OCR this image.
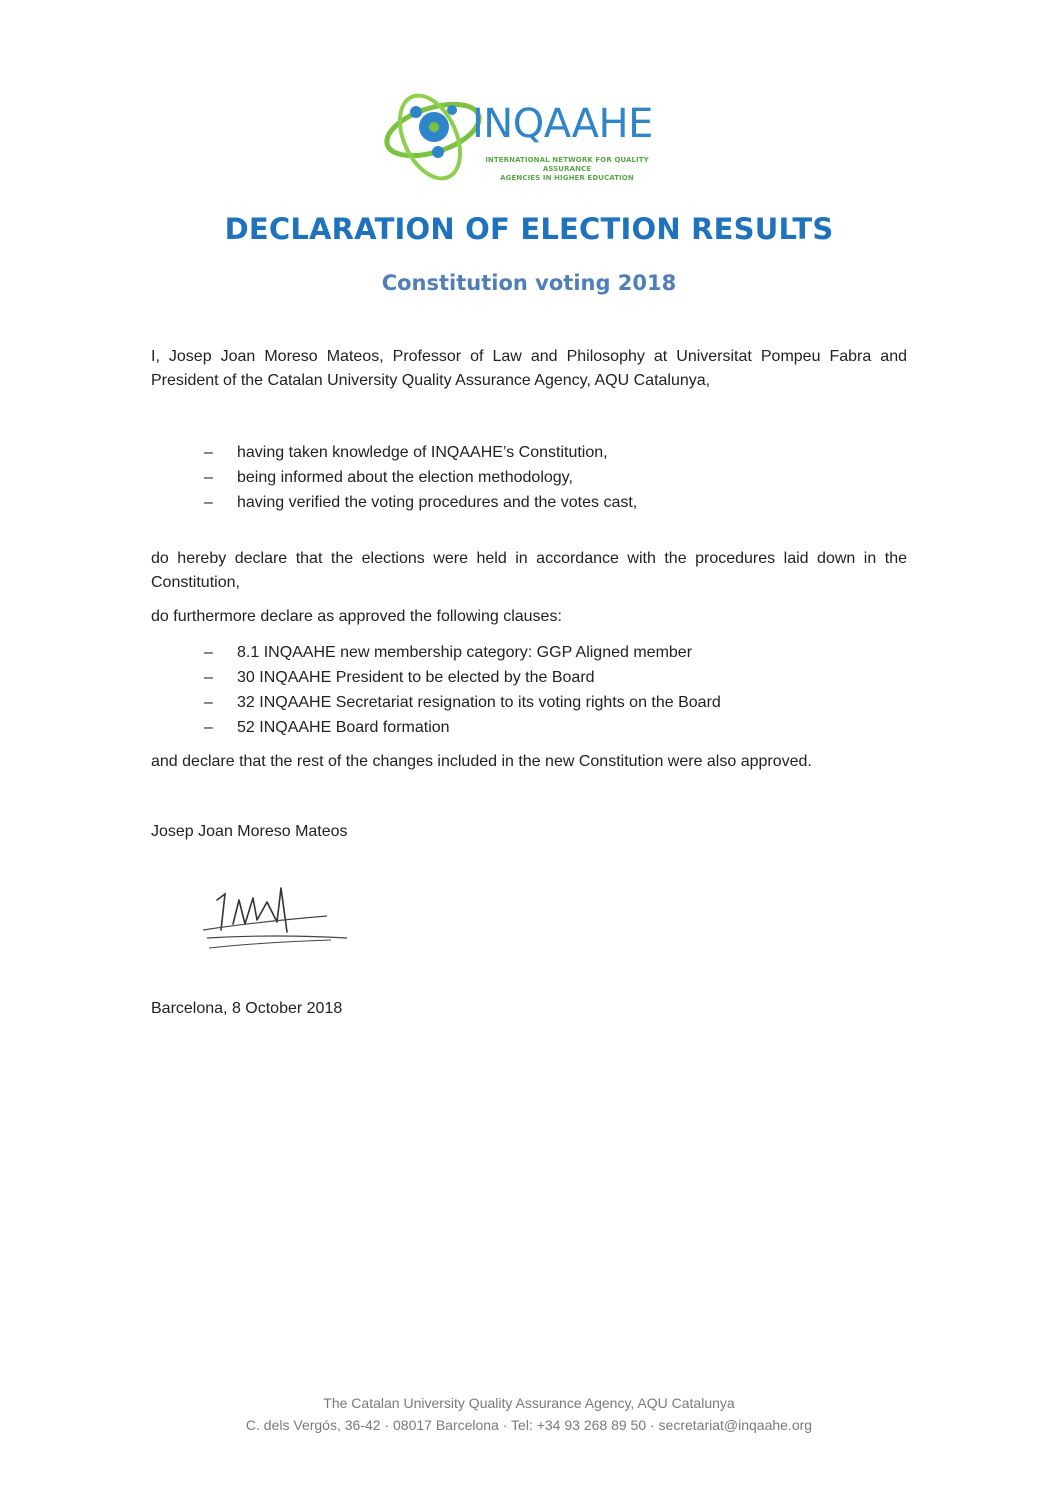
INQAAHE
INTERNATIONAL NETWORK FOR QUALITY ASSURANCE
AGENCIES IN HIGHER EDUCATION
DECLARATION OF ELECTION RESULTS
Constitution voting 2018
I, Josep Joan Moreso Mateos, Professor of Law and Philosophy at Universitat Pompeu Fabra and President of the Catalan University Quality Assurance Agency, AQU Catalunya,
–	having taken knowledge of INQAAHE’s Constitution,
–	being informed about the election methodology,
–	having verified the voting procedures and the votes cast,
do hereby declare that the elections were held in accordance with the procedures laid down in the Constitution,
do furthermore declare as approved the following clauses:
–	8.1 INQAAHE new membership category: GGP Aligned member
–	30 INQAAHE President to be elected by the Board
–	32 INQAAHE Secretariat resignation to its voting rights on the Board
–	52 INQAAHE Board formation
and declare that the rest of the changes included in the new Constitution were also approved.
Josep Joan Moreso Mateos
Barcelona, 8 October 2018
The Catalan University Quality Assurance Agency, AQU Catalunya
C. dels Vergós, 36-42 · 08017 Barcelona · Tel: +34 93 268 89 50 · secretariat@inqaahe.org
